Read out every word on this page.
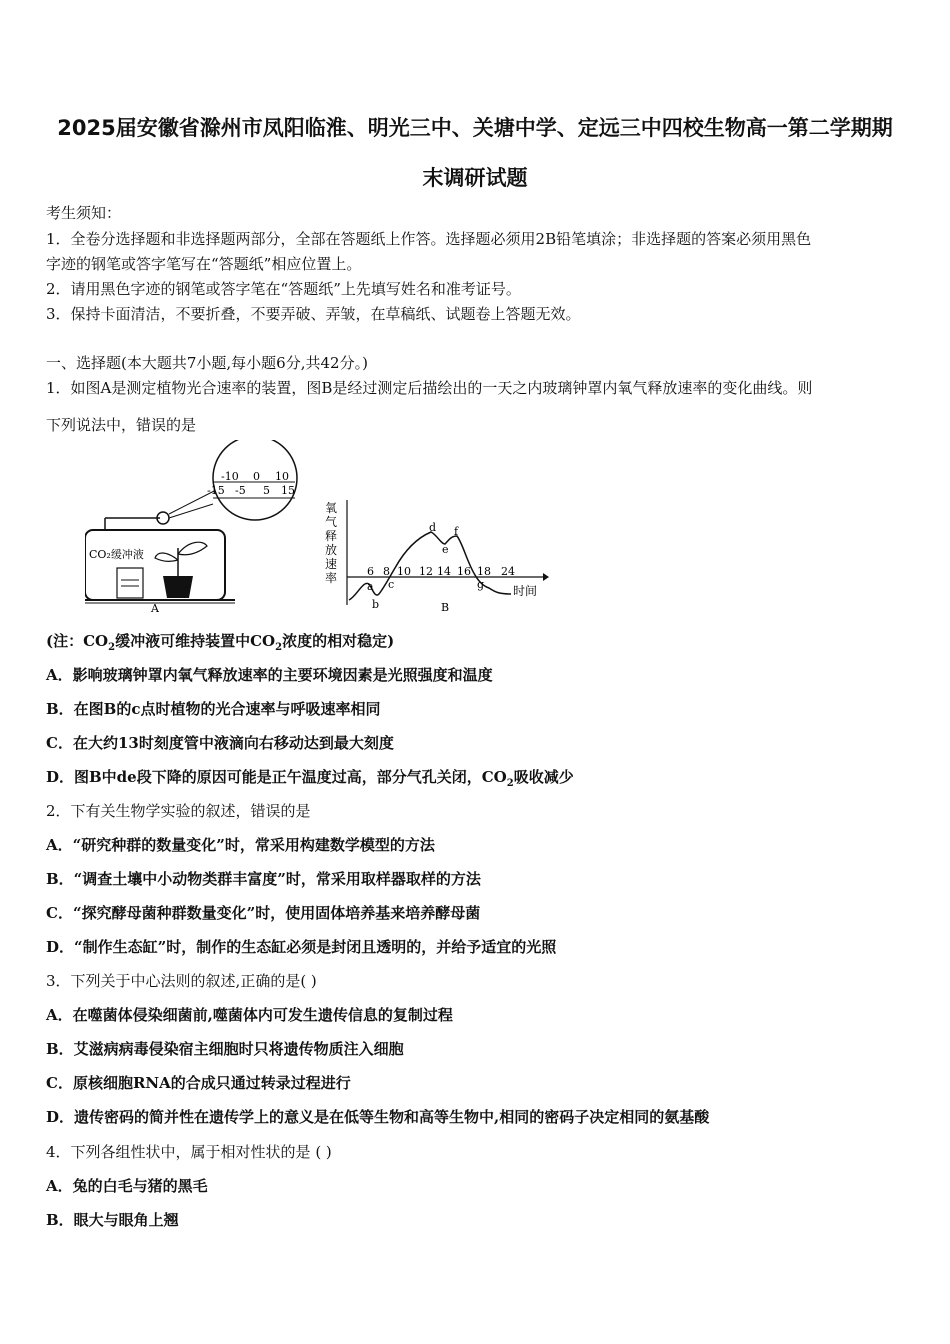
2025届安徽省滁州市凤阳临淮、明光三中、关塘中学、定远三中四校生物高一第二学期期
末调研试题
考生须知：
1．全卷分选择题和非选择题两部分，全部在答题纸上作答。选择题必须用2B铅笔填涂；非选择题的答案必须用黑色
字迹的钢笔或答字笔写在“答题纸”相应位置上。
2．请用黑色字迹的钢笔或答字笔在“答题纸”上先填写姓名和准考证号。
3．保持卡面清洁，不要折叠，不要弄破、弄皱，在草稿纸、试题卷上答题无效。
一、选择题(本大题共7小题,每小题6分,共42分。)
1．如图A是测定植物光合速率的装置，图B是经过测定后描绘出的一天之内玻璃钟罩内氧气释放速率的变化曲线。则
下列说法中，错误的是
-10 0 10
-15 -5 5 15
CO₂缓冲液
A
氧
气
释
放
速
率
时间
6 8 10 12 14 16 18 24
a
b
c
d
e
f
g
B
(注：$CO_2$缓冲液可维持装置中$CO_2$浓度的相对稳定)
A．影响玻璃钟罩内氧气释放速率的主要环境因素是光照强度和温度
B．在图B的c点时植物的光合速率与呼吸速率相同
C．在大约13时刻度管中液滴向右移动达到最大刻度
D．图B中de段下降的原因可能是正午温度过高，部分气孔关闭，$CO_2$吸收减少
2．下有关生物学实验的叙述，错误的是
A．“研究种群的数量变化”时，常采用构建数学模型的方法
B．“调查土壤中小动物类群丰富度”时，常采用取样器取样的方法
C．“探究酵母菌种群数量变化”时，使用固体培养基来培养酵母菌
D．“制作生态缸”时，制作的生态缸必须是封闭且透明的，并给予适宜的光照
3．下列关于中心法则的叙述,正确的是( )
A．在噬菌体侵染细菌前,噬菌体内可发生遗传信息的复制过程
B．艾滋病病毒侵染宿主细胞时只将遗传物质注入细胞
C．原核细胞RNA的合成只通过转录过程进行
D．遗传密码的简并性在遗传学上的意义是在低等生物和高等生物中,相同的密码子决定相同的氨基酸
4．下列各组性状中，属于相对性状的是 ( )
A．兔的白毛与猪的黑毛
B．眼大与眼角上翘
